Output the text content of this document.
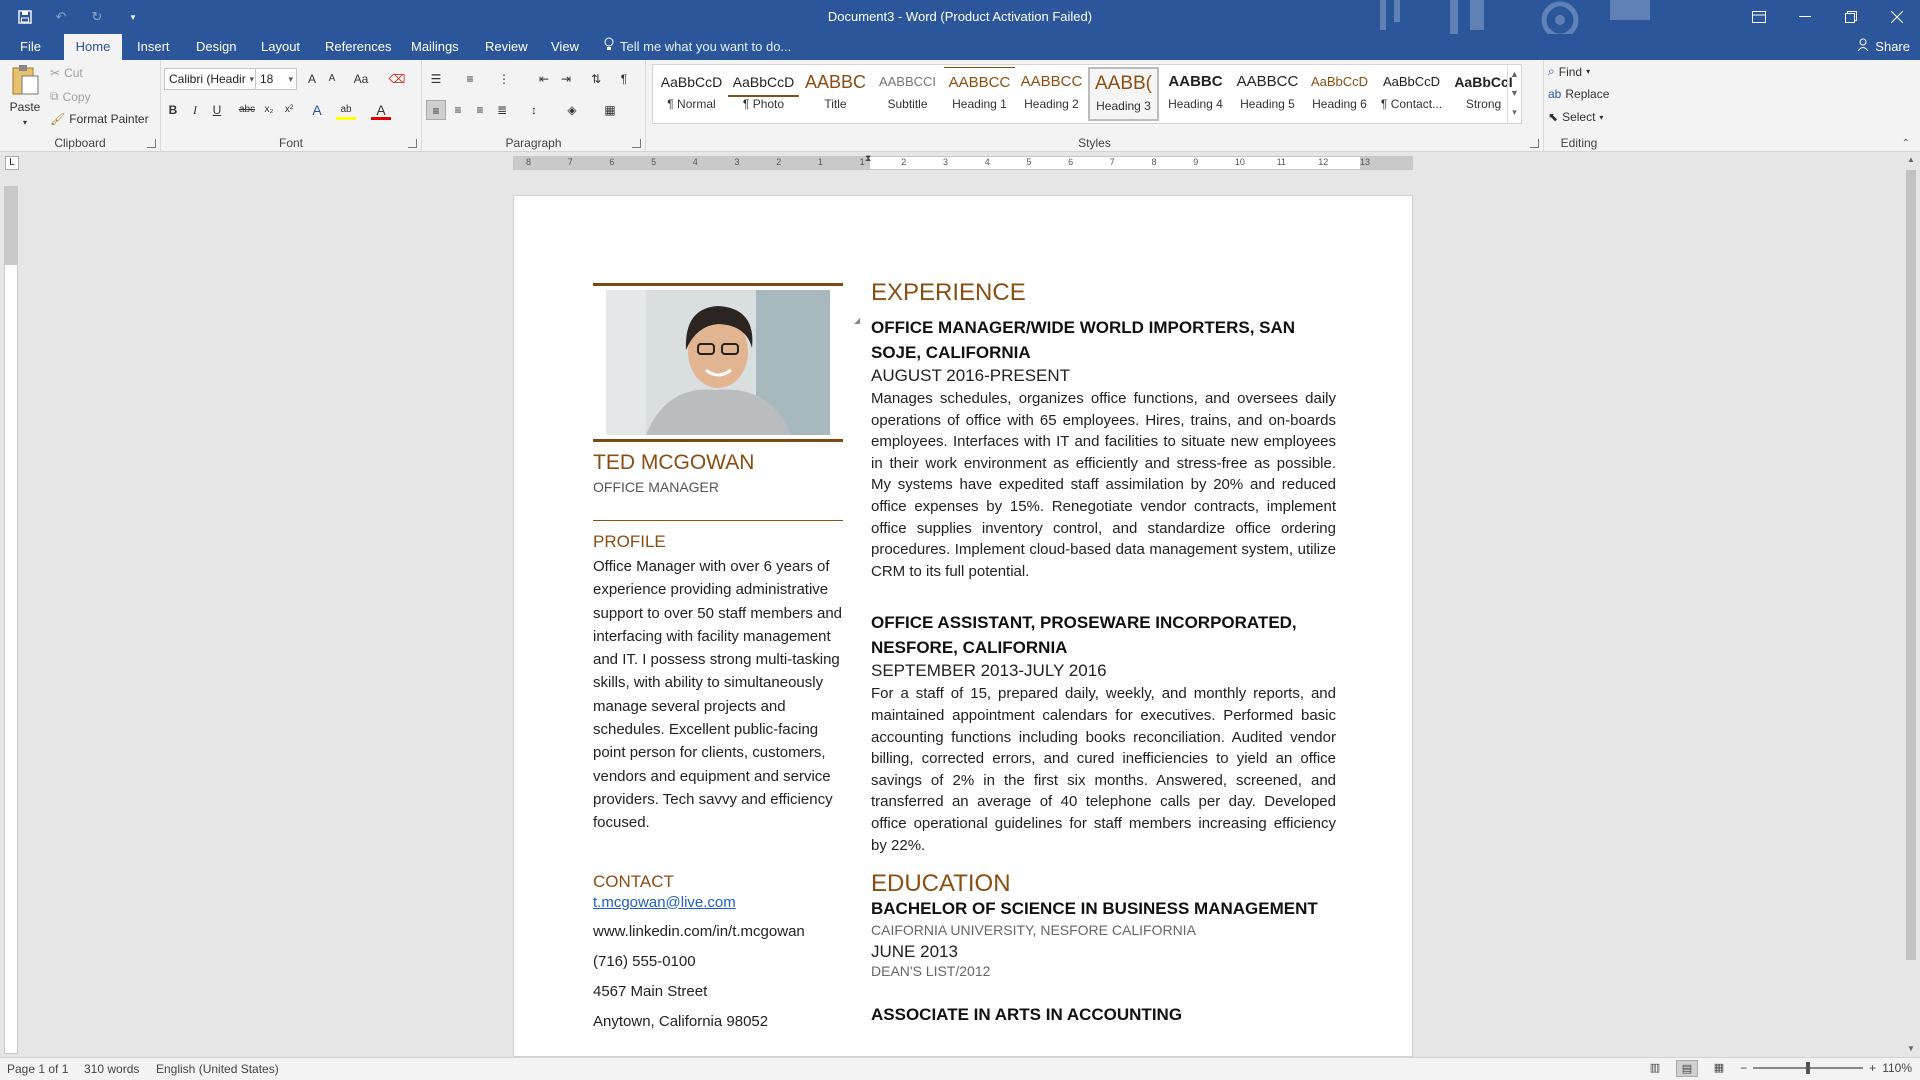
↶	↻	▾	Document3 - Word (Product Activation Failed)
File	Home	Insert	Design	Layout	References	Mailings	Review	View	Tell me what you want to do...	Share
Paste
▾
✂ Cut
⧉ Copy
🖌 Format Painter
Clipboard
Calibri (Headir ▾ 18 ▾	A	A	Aa ⌫
B	I	U	abc x₂	x²	A	ab	A
Font
☰	≡	⋮	⇤ ⇥	⇅	¶
≡	≡	≡	≣	↕	◈	▦
Paragraph
AaBbCcD
¶ Normal
AaBbCcD
¶ Photo
AABBC
Title
AABBCCI
Subtitle
AABBCC
Heading 1
AABBCC
Heading 2
AABB(
Heading 3
AABBC
Heading 4
AABBCC
Heading 5
AaBbCcD
Heading 6
AaBbCcD
¶ Contact...
AaBbCcI
Strong
▲
▼
▾
Styles
⌕ Find ▾
ab Replace
⬉ Select ▾
Editing	⌃
L	8	7	6	5	4	3	2	1	1	2	3	4	5	6	7	8	9	10	11	12	13
⧗
TED MCGOWAN
OFFICE MANAGER
PROFILE
Office Manager with over 6 years of experience providing administrative support to over 50 staff members and interfacing with facility management and IT. I possess strong multi-tasking skills, with ability to simultaneously manage several projects and schedules. Excellent public-facing point person for clients, customers, vendors and equipment and service providers. Tech savvy and efficiency focused.
CONTACT
t.mcgowan@live.com
www.linkedin.com/in/t.mcgowan
(716) 555-0100
4567 Main Street
Anytown, California 98052
EXPERIENCE
◢ OFFICE MANAGER/WIDE WORLD IMPORTERS, SAN SOJE, CALIFORNIA
AUGUST 2016-PRESENT
Manages schedules, organizes office functions, and oversees daily operations of office with 65 employees. Hires, trains, and on-boards employees. Interfaces with IT and facilities to situate new employees in their work environment as efficiently and stress-free as possible. My systems have expedited staff assimilation by 20% and reduced office expenses by 15%. Renegotiate vendor contracts, implement office supplies inventory control, and standardize office ordering procedures. Implement cloud-based data management system, utilize CRM to its full potential.
OFFICE ASSISTANT, PROSEWARE INCORPORATED, NESFORE, CALIFORNIA
SEPTEMBER 2013-JULY 2016
For a staff of 15, prepared daily, weekly, and monthly reports, and maintained appointment calendars for executives. Performed basic accounting functions including books reconciliation. Audited vendor billing, corrected errors, and cured inefficiencies to yield an office savings of 2% in the first six months. Answered, screened, and transferred an average of 40 telephone calls per day. Developed office operational guidelines for staff members increasing efficiency by 22%.
EDUCATION
BACHELOR OF SCIENCE IN BUSINESS MANAGEMENT
CAIFORNIA UNIVERSITY, NESFORE CALIFORNIA
JUNE 2013
DEAN'S LIST/2012
ASSOCIATE IN ARTS IN ACCOUNTING
▲
▼
Page 1 of 1 310 words English (United States)	▥	▤	▦	−	+ 110%
